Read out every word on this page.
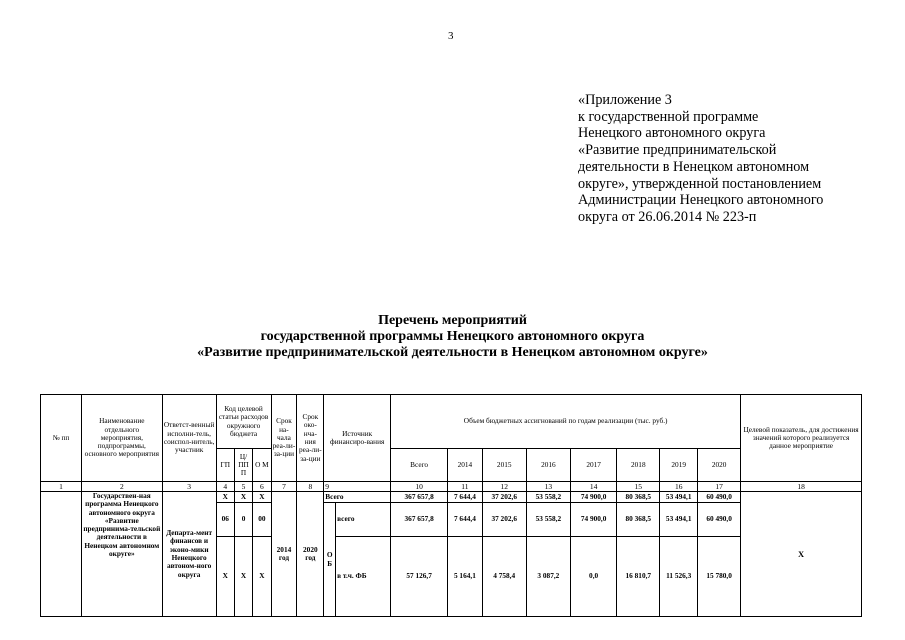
3
«Приложение 3
к государственной программе
Ненецкого автономного округа
«Развитие предпринимательской
деятельности в Ненецком автономном
округе», утвержденной постановлением
Администрации Ненецкого автономного
округа от 26.06.2014 № 223-п
Перечень мероприятий
государственной программы Ненецкого автономного округа
«Развитие предпринимательской деятельности в Ненецком автономном округе»
№ пп	Наименование отдельного мероприятия, подпрограммы, основного мероприятия	Ответст-венный исполни-тель, соиспол-нитель, участник	Код целевой статьи расходов окружного бюджета			Срок на-чала реа-ли-за-ции	Срок око-нча-ния реа-ли-за-ции	Источник финансиро-вания		Объем бюджетных ассигнований по годам реализации (тыс. руб.)								Целевой показатель, для достижения значений которого реализуется данное мероприятие
			ГП	Ц/ ПП П	О М					Всего	2014	2015	2016	2017	2018	2019	2020	
1	2	3	4	5	6	7	8	9		10	11	12	13	14	15	16	17	18
	Государствен-ная программа Ненецкого автономного округа «Развитие предпринима-тельской деятельности в Ненецком автономном округе»	Департа-мент финансов и эконо-мики Ненецкого автоном-ного округа	X	X	X	2014 год	2020 год	Всего		367 657,8	7 644,4	37 202,6	53 558,2	74 900,0	80 368,5	53 494,1	60 490,0	X
			06	0	00			О Б	всего	367 657,8	7 644,4	37 202,6	53 558,2	74 900,0	80 368,5	53 494,1	60 490,0	
			X	X	X				в т.ч. ФБ	57 126,7	5 164,1	4 758,4	3 087,2	0,0	16 810,7	11 526,3	15 780,0	
